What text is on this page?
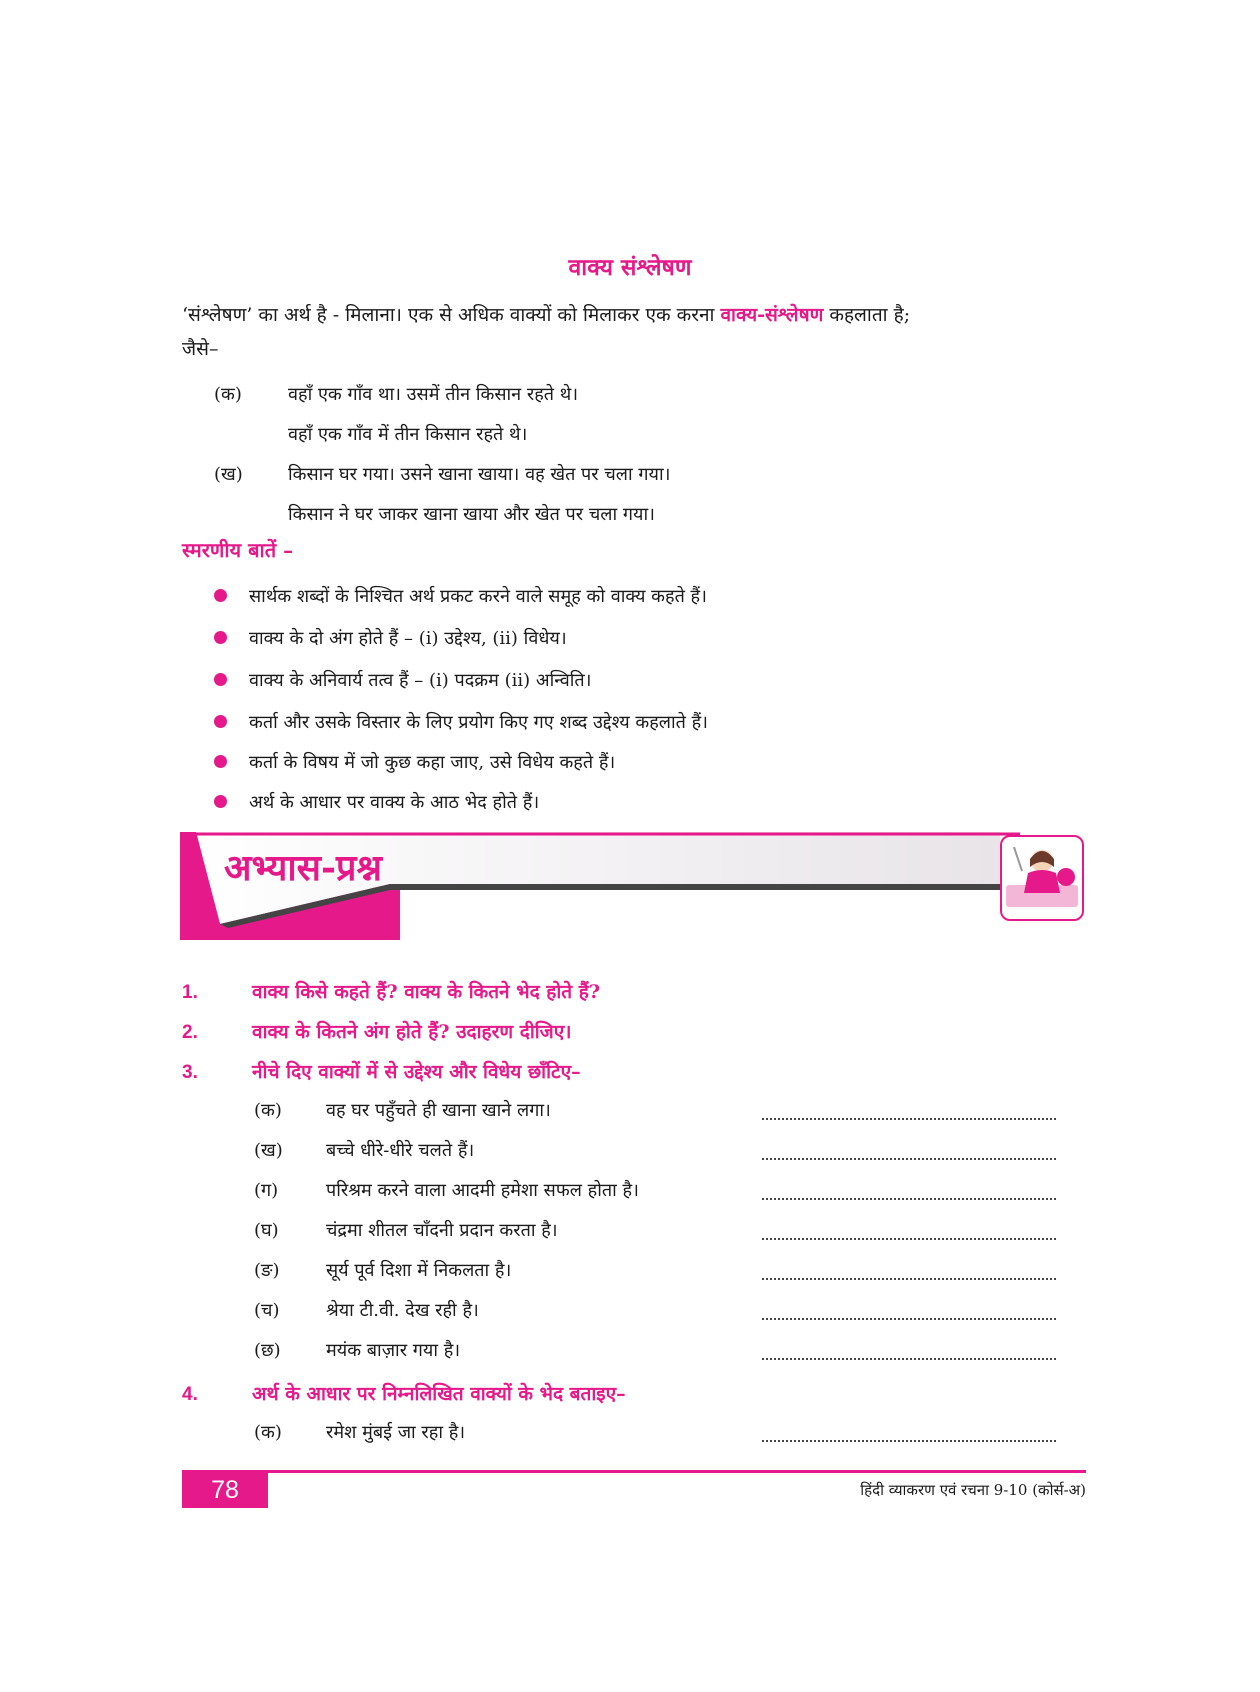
वाक्य संश्लेषण
‘संश्लेषण’ का अर्थ है - मिलाना। एक से अधिक वाक्यों को मिलाकर एक करना वाक्य-संश्लेषण कहलाता है;
जैसे–
(क)	वहाँ एक गाँव था। उसमें तीन किसान रहते थे।
वहाँ एक गाँव में तीन किसान रहते थे।
(ख)	किसान घर गया। उसने खाना खाया। वह खेत पर चला गया।
किसान ने घर जाकर खाना खाया और खेत पर चला गया।
स्मरणीय बातें –
सार्थक शब्दों के निश्चित अर्थ प्रकट करने वाले समूह को वाक्य कहते हैं।
वाक्य के दो अंग होते हैं – (i) उद्देश्य, (ii) विधेय।
वाक्य के अनिवार्य तत्व हैं – (i) पदक्रम (ii) अन्विति।
कर्ता और उसके विस्तार के लिए प्रयोग किए गए शब्द उद्देश्य कहलाते हैं।
कर्ता के विषय में जो कुछ कहा जाए, उसे विधेय कहते हैं।
अर्थ के आधार पर वाक्य के आठ भेद होते हैं।
अभ्यास-प्रश्न
1.	वाक्य किसे कहते हैं? वाक्य के कितने भेद होते हैं?
2.	वाक्य के कितने अंग होते हैं? उदाहरण दीजिए।
3.	नीचे दिए वाक्यों में से उद्देश्य और विधेय छाँटिए–
(क) वह घर पहुँचते ही खाना खाने लगा।
(ख) बच्चे धीरे-धीरे चलते हैं।
(ग)	परिश्रम करने वाला आदमी हमेशा सफल होता है।
(घ)	चंद्रमा शीतल चाँदनी प्रदान करता है।
(ङ)	सूर्य पूर्व दिशा में निकलता है।
(च)	श्रेया टी.वी. देख रही है।
(छ)	मयंक बाज़ार गया है।
4.	अर्थ के आधार पर निम्नलिखित वाक्यों के भेद बताइए–
(क) रमेश मुंबई जा रहा है।
78	हिंदी व्याकरण एवं रचना 9-10 (कोर्स-अ)
